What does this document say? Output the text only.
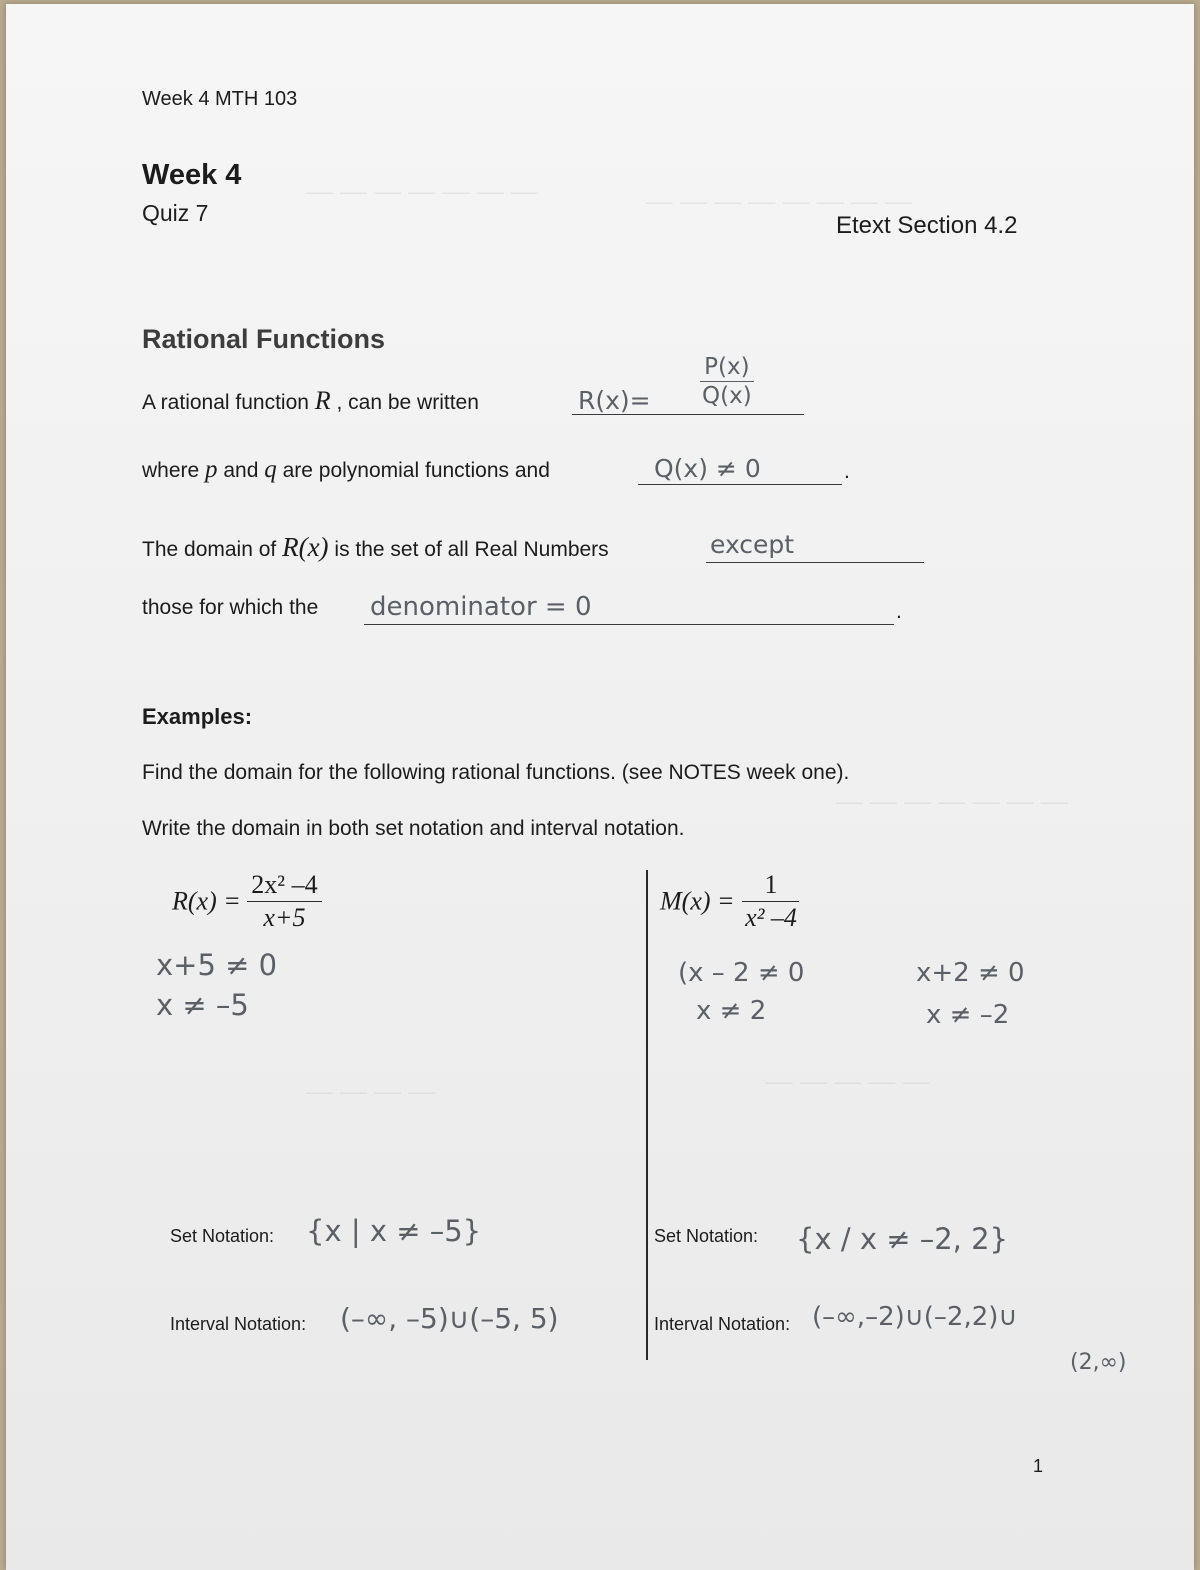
— — — — — — —	— — — — — — — —
— — — —	— — — — —
— — — — — — —
Week 4 MTH 103
Week 4
Quiz 7	Etext Section 4.2
Rational Functions
A rational function R , can be written	$R(x)= \frac{P(x)}{Q(x)}$
where p and q are polynomial functions and	Q(x) ≠ 0	.
The domain of R(x) is the set of all Real Numbers	except
those for which the denominator = 0	.
Examples:
Find the domain for the following rational functions. (see NOTES week one).
Write the domain in both set notation and interval notation.
$R(x) = \frac{\text{2x² –4}}{x+5}$
x+5 ≠ 0
x ≠ –5
$M(x) = \frac{1}{\text{x² –4}}$
(x – 2 ≠ 0
x ≠ 2
x+2 ≠ 0
x ≠ –2
Set Notation: {x | x ≠ –5}
Interval Notation: (–∞, –5)∪(–5, 5)
Set Notation: {x / x ≠ –2, 2}
Interval Notation: (–∞,–2)∪(–2,2)∪
(2,∞)
1
